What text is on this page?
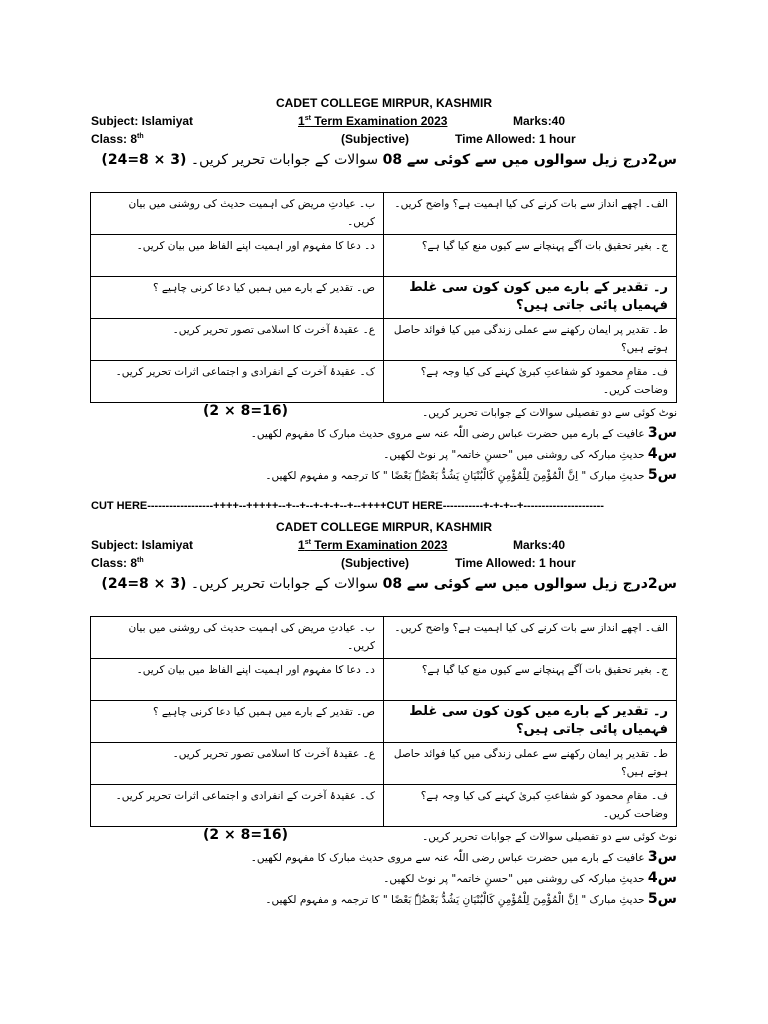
CADET COLLEGE MIRPUR, KASHMIR
Subject: Islamiyat	1st Term Examination 2023	Marks:40
Class: 8th	(Subjective)	Time Allowed: 1 hour
س2درج زیل سوالوں میں سے کوئی سے 08 سوالات کے جوابات تحریر کریں۔ (3 × 8=24)
الف۔ اچھے انداز سے بات کرنے کی کیا اہمیت ہے؟ واضح کریں۔	ب۔ عیادتِ مریض کی اہمیت حدیث کی روشنی میں بیان کریں۔
ج۔ بغیر تحقیق بات آگے پہنچانے سے کیوں منع کیا گیا ہے؟	د۔ دعا کا مفہوم اور اہمیت اپنے الفاظ میں بیان کریں۔
ر۔ تقدیر کے بارے میں کون کون سی غلط فہمیاں پائی جاتی ہیں؟	ص۔ تقدیر کے بارے میں ہمیں کیا دعا کرنی چاہیے ؟
ط۔ تقدیر پر ایمان رکھنے سے عملی زندگی میں کیا فوائد حاصل ہوتے ہیں؟	ع۔ عقیدۂ آخرت کا اسلامی تصور تحریر کریں۔
ف۔ مقامِ محمود کو شفاعتِ کبریٰ کہنے کی کیا وجہ ہے؟ وضاحت کریں۔	ک۔ عقیدۂ آخرت کے انفرادی و اجتماعی اثرات تحریر کریں۔
نوٹ کوئی سے دو تفصیلی سوالات کے جوابات تحریر کریں۔
(2 × 8=16)
س3 عافیت کے بارے میں حضرت عباس رضی اللّٰہ عنہ سے مروی حدیث مبارک کا مفہوم لکھیں۔
س4 حدیثِ مبارکہ کی روشنی میں "حسنِ خاتمہ" پر نوٹ لکھیں۔
س5 حدیثِ مبارک " اِنَّ الْمُؤْمِنَ لِلْمُؤْمِنِ کَالْبُنْیَانِ یَشُدُّ بَعْضُہٗ بَعْضًا " کا ترجمہ و مفہوم لکھیں۔
CUT HERE------------------++++--+++++--+--+--+-+-+--+--++++CUT HERE-----------+-+-+--+----------------------
CADET COLLEGE MIRPUR, KASHMIR
Subject: Islamiyat	1st Term Examination 2023	Marks:40
Class: 8th	(Subjective)	Time Allowed: 1 hour
س2درج زیل سوالوں میں سے کوئی سے 08 سوالات کے جوابات تحریر کریں۔ (3 × 8=24)
الف۔ اچھے انداز سے بات کرنے کی کیا اہمیت ہے؟ واضح کریں۔	ب۔ عیادتِ مریض کی اہمیت حدیث کی روشنی میں بیان کریں۔
ج۔ بغیر تحقیق بات آگے پہنچانے سے کیوں منع کیا گیا ہے؟	د۔ دعا کا مفہوم اور اہمیت اپنے الفاظ میں بیان کریں۔
ر۔ تقدیر کے بارے میں کون کون سی غلط فہمیاں پائی جاتی ہیں؟	ص۔ تقدیر کے بارے میں ہمیں کیا دعا کرنی چاہیے ؟
ط۔ تقدیر پر ایمان رکھنے سے عملی زندگی میں کیا فوائد حاصل ہوتے ہیں؟	ع۔ عقیدۂ آخرت کا اسلامی تصور تحریر کریں۔
ف۔ مقامِ محمود کو شفاعتِ کبریٰ کہنے کی کیا وجہ ہے؟ وضاحت کریں۔	ک۔ عقیدۂ آخرت کے انفرادی و اجتماعی اثرات تحریر کریں۔
نوٹ کوئی سے دو تفصیلی سوالات کے جوابات تحریر کریں۔
(2 × 8=16)
س3 عافیت کے بارے میں حضرت عباس رضی اللّٰہ عنہ سے مروی حدیث مبارک کا مفہوم لکھیں۔
س4 حدیثِ مبارکہ کی روشنی میں "حسنِ خاتمہ" پر نوٹ لکھیں۔
س5 حدیثِ مبارک " اِنَّ الْمُؤْمِنَ لِلْمُؤْمِنِ کَالْبُنْیَانِ یَشُدُّ بَعْضُہٗ بَعْضًا " کا ترجمہ و مفہوم لکھیں۔
